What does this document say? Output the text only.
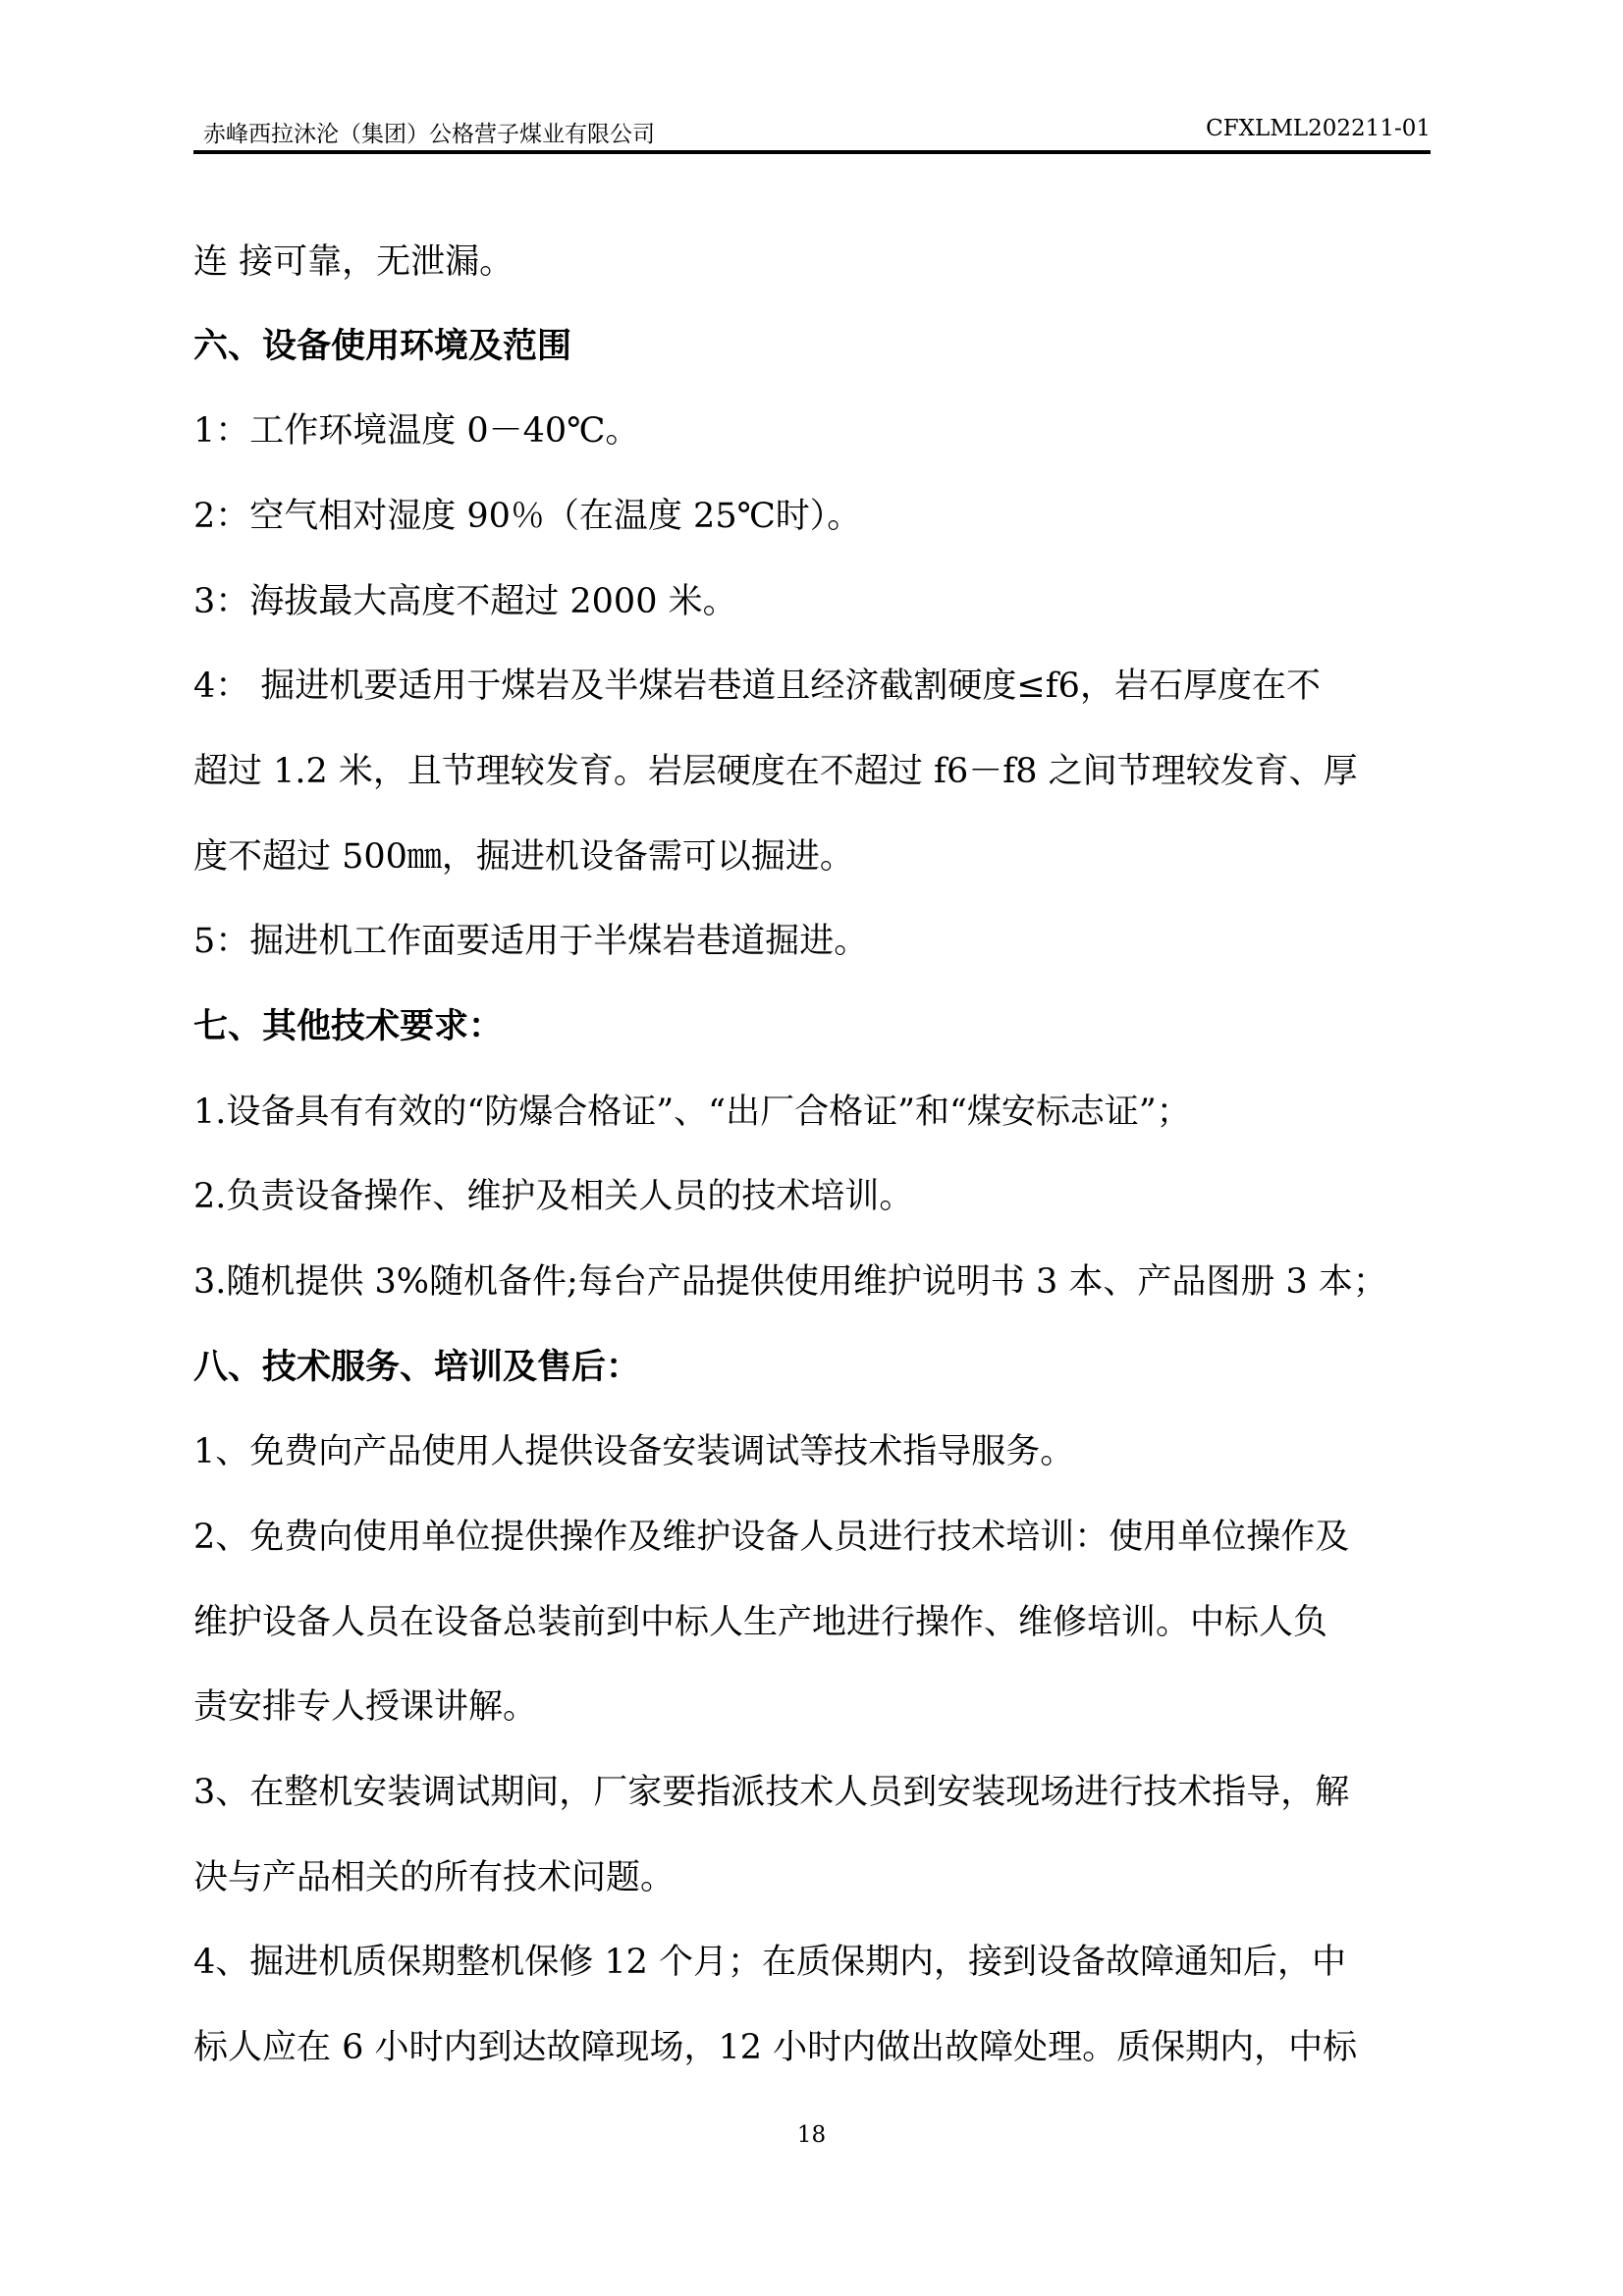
赤峰西拉沐沦（集团）公格营子煤业有限公司	CFXLML202211-01
连 接可靠，无泄漏。
六、设备使用环境及范围
1：工作环境温度 0－40℃。
2：空气相对湿度 90％（在温度 25℃时）。
3：海拔最大高度不超过 2000 米。
4： 掘进机要适用于煤岩及半煤岩巷道且经济截割硬度≤f6，岩石厚度在不
超过 1.2 米，且节理较发育。岩层硬度在不超过 f6－f8 之间节理较发育、厚
度不超过 500㎜，掘进机设备需可以掘进。
5：掘进机工作面要适用于半煤岩巷道掘进。
七、其他技术要求：
1.设备具有有效的“防爆合格证”、“出厂合格证”和“煤安标志证”；
2.负责设备操作、维护及相关人员的技术培训。
3.随机提供 3%随机备件;每台产品提供使用维护说明书 3 本、产品图册 3 本；
八、技术服务、培训及售后：
1、免费向产品使用人提供设备安装调试等技术指导服务。
2、免费向使用单位提供操作及维护设备人员进行技术培训：使用单位操作及
维护设备人员在设备总装前到中标人生产地进行操作、维修培训。中标人负
责安排专人授课讲解。
3、在整机安装调试期间，厂家要指派技术人员到安装现场进行技术指导，解
决与产品相关的所有技术问题。
4、掘进机质保期整机保修 12 个月；在质保期内，接到设备故障通知后，中
标人应在 6 小时内到达故障现场，12 小时内做出故障处理。质保期内，中标
18
